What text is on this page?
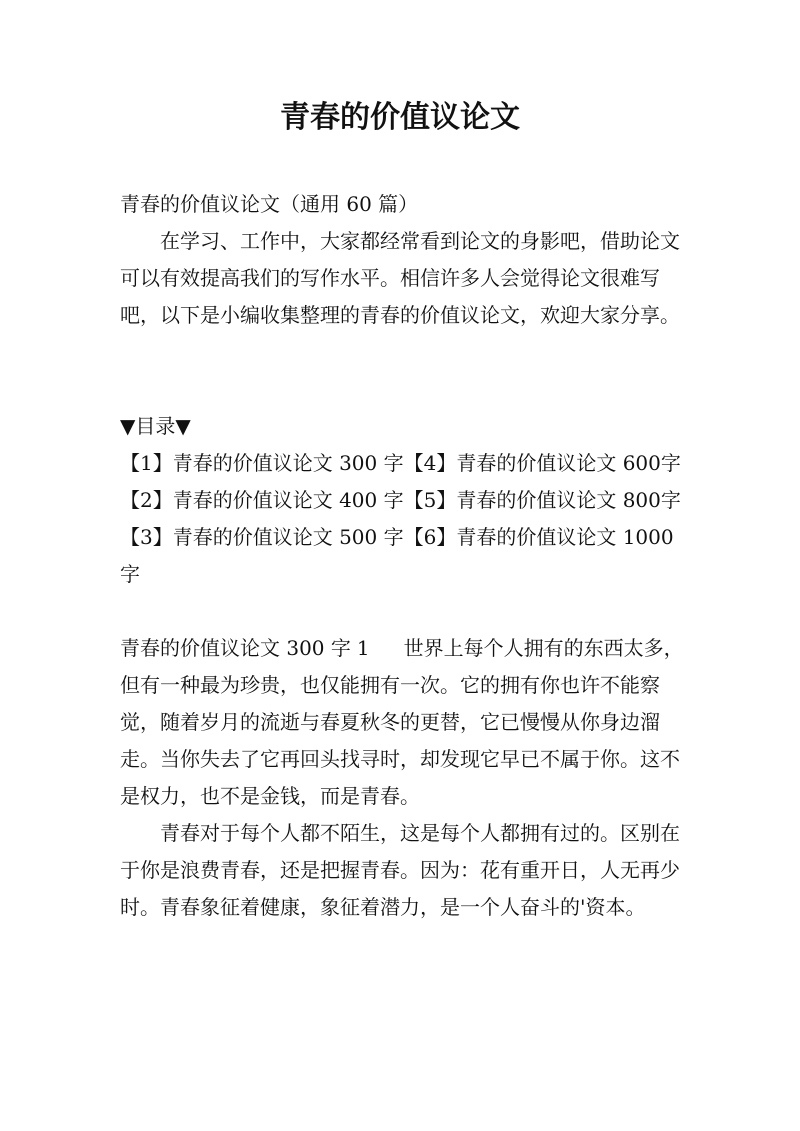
青春的价值议论文

青春的价值议论文（通用 60 篇）

在学习、工作中，大家都经常看到论文的身影吧，借助论文可以有效提高我们的写作水平。相信许多人会觉得论文很难写吧，以下是小编收集整理的青春的价值议论文，欢迎大家分享。

▼目录▼

【1】青春的价值议论文 300 字【4】青春的价值议论文 600字【2】青春的价值议论文 400 字【5】青春的价值议论文 800字【3】青春的价值议论文 500 字【6】青春的价值议论文 1000字

青春的价值议论文 300 字 1 世界上每个人拥有的东西太多，但有一种最为珍贵，也仅能拥有一次。它的拥有你也许不能察觉，随着岁月的流逝与春夏秋冬的更替，它已慢慢从你身边溜走。当你失去了它再回头找寻时，却发现它早已不属于你。这不是权力，也不是金钱，而是青春。

青春对于每个人都不陌生，这是每个人都拥有过的。区别在于你是浪费青春，还是把握青春。因为：花有重开日，人无再少时。青春象征着健康，象征着潜力，是一个人奋斗的'资本。
